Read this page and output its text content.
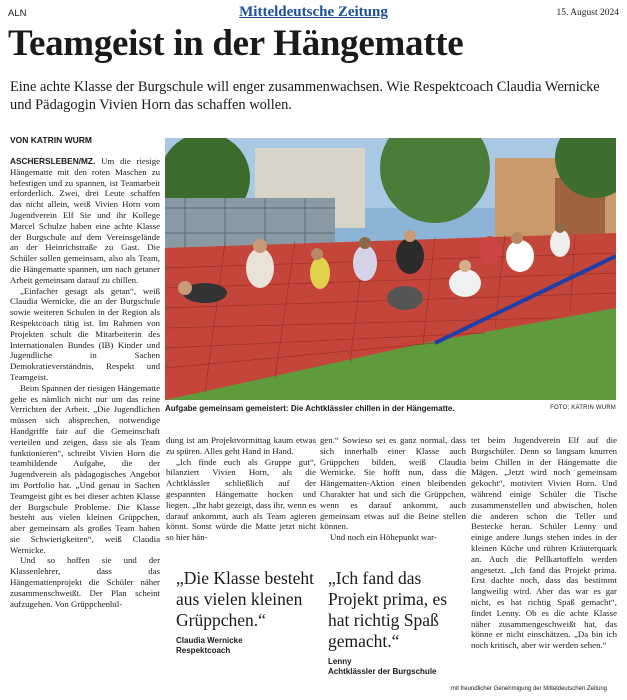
ALN	Mitteldeutsche Zeitung	15. August 2024
Teamgeist in der Hängematte

Eine achte Klasse der Burgschule will enger zusammenwachsen. Wie Respektcoach Claudia Wernicke und Pädagogin Vivien Horn das schaffen wollen.

VON KATRIN WURM

ASCHERSLEBEN/MZ. Um die riesige Hängematte mit den roten Maschen zu befestigen und zu spannen, ist Teamarbeit erforderlich. Zwei, drei Leute schaffen das nicht allein, weiß Vivien Horn vom Jugendverein Elf Sie und ihr Kollege Marcel Schulze haben eine achte Klasse der Burgschule auf dem Vereinsgelände an der Heinrichstraße zu Gast. Die Schüler sollen gemeinsam, also als Team, die Hängematte spannen, um nach getaner Arbeit gemeinsam darauf zu chillen.

„Einfacher gesagt als getan“, weiß Claudia Wernicke, die an der Burgschule sowie weiteren Schulen in der Region als Respektcoach tätig ist. Im Rahmen von Projekten schult die Mitarbeiterin des Internationalen Bundes (IB) Kinder und Jugendliche in Sachen Demokratieverständnis, Respekt und Teamgeist.

Beim Spannen der riesigen Hängematte gehe es nämlich nicht nur um das reine Verrichten der Arbeit. „Die Jugendlichen müssen sich absprechen, notwendige Handgriffe fair auf die Gemeinschaft verteilen und zeigen, dass sie als Team funktionieren“, schreibt Vivien Horn die teambildende Aufgabe, die der Jugendverein als pädagogisches Angebot im Portfolio hat. „Und genau in Sachen Teamgeist gibt es bei dieser achten Klasse der Burgschule Probleme. Die Klasse besteht aus vielen kleinen Grüppchen, aber gemeinsam als großes Team haben sie Schwierigkeiten“, weiß Claudia Wernicke.

Und so hoffen sie und der Klassenlehrer, dass das Hängemattenprojekt die Schüler näher zusammenschweißt. Der Plan scheint aufzugehen. Von Grüppchenbil-

Aufgabe gemeinsam gemeistert: Die Achtklässler chillen in der Hängematte.	FOTO: KATRIN WURM

dung ist am Projektvormittag kaum etwas zu spüren. Alles geht Hand in Hand.

„Ich finde euch als Gruppe gut“, bilanziert Vivien Horn, als die Achtklässler schließlich auf der gespannten Hängematte hocken und liegen. „Ihr habt gezeigt, dass ihr, wenn es darauf ankommt, auch als Team agieren könnt. Sonst würde die Matte jetzt nicht so hier hän-

gen.“ Sowieso sei es ganz normal, dass sich innerhalb einer Klasse auch Grüppchen bilden, weiß Claudia Wernicke. Sie hofft nun, dass die Hängematten-Aktion einen bleibenden Charakter hat und sich die Grüppchen, wenn es darauf ankommt, auch gemeinsam etwas auf die Beine stellen können.

Und noch ein Höhepunkt war-

tet beim Jugendverein Elf auf die Burgschüler. Denn so langsam knurren beim Chillen in der Hängematte die Mägen. „Jetzt wird noch gemeinsam gekocht“, motiviert Vivien Horn. Und während einige Schüler die Tische zusammenstellen und abwischen, holen die anderen schon die Teller und Bestecke heran. Schüler Lenny und einige andere Jungs stehen indes in der kleinen Küche und rühren Kräuterquark an. Auch die Pellkartoffeln werden angesetzt. „Ich fand das Projekt prima. Erst dachte noch, dass das bestimmt langweilig wird. Aber das war es gar nicht, es hat richtig Spaß gemacht“, findet Lenny. Ob es die achte Klasse näher zusammengeschweißt hat, das könne er nicht einschätzen. „Da bin ich noch kritisch, aber wir werden sehen.“

„Die Klasse besteht aus vielen kleinen Grüppchen.“
Claudia Wernicke
Respektcoach
„Ich fand das Projekt prima, es hat richtig Spaß gemacht.“
Lenny
Achtklässler der Burgschule
mit freundlicher Genehmigung der Mitteldeutschen Zeitung
